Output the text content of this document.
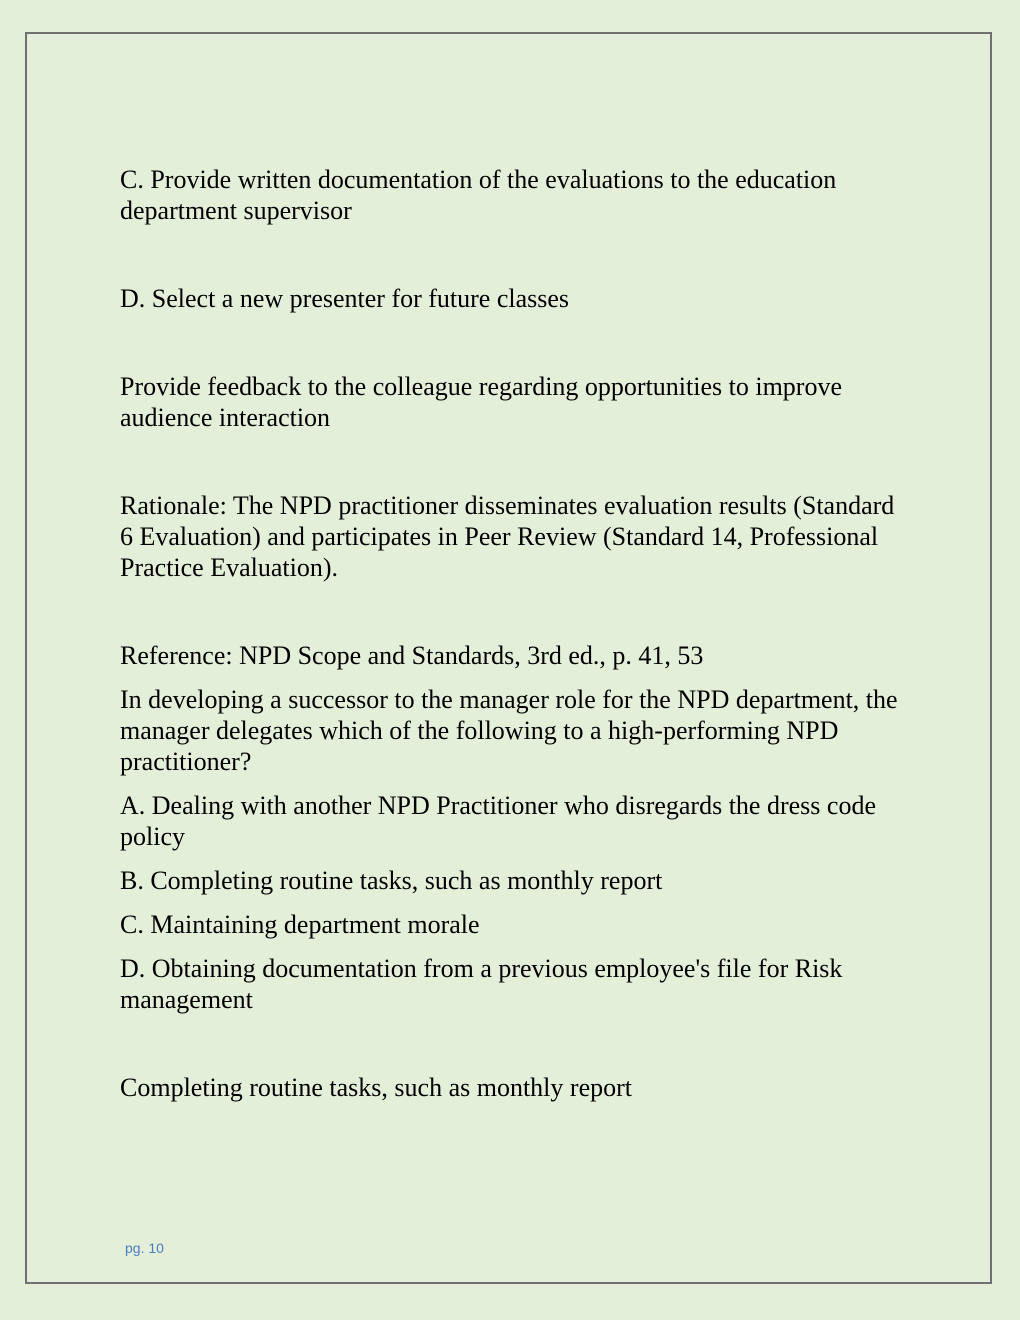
C. Provide written documentation of the evaluations to the education department supervisor

D. Select a new presenter for future classes

Provide feedback to the colleague regarding opportunities to improve audience interaction

Rationale: The NPD practitioner disseminates evaluation results (Standard 6 Evaluation) and participates in Peer Review (Standard 14, Professional Practice Evaluation).

Reference: NPD Scope and Standards, 3rd ed., p. 41, 53

In developing a successor to the manager role for the NPD department, the manager delegates which of the following to a high-performing NPD practitioner?

A. Dealing with another NPD Practitioner who disregards the dress code policy

B. Completing routine tasks, such as monthly report

C. Maintaining department morale

D. Obtaining documentation from a previous employee's file for Risk management

Completing routine tasks, such as monthly report

pg. 10
